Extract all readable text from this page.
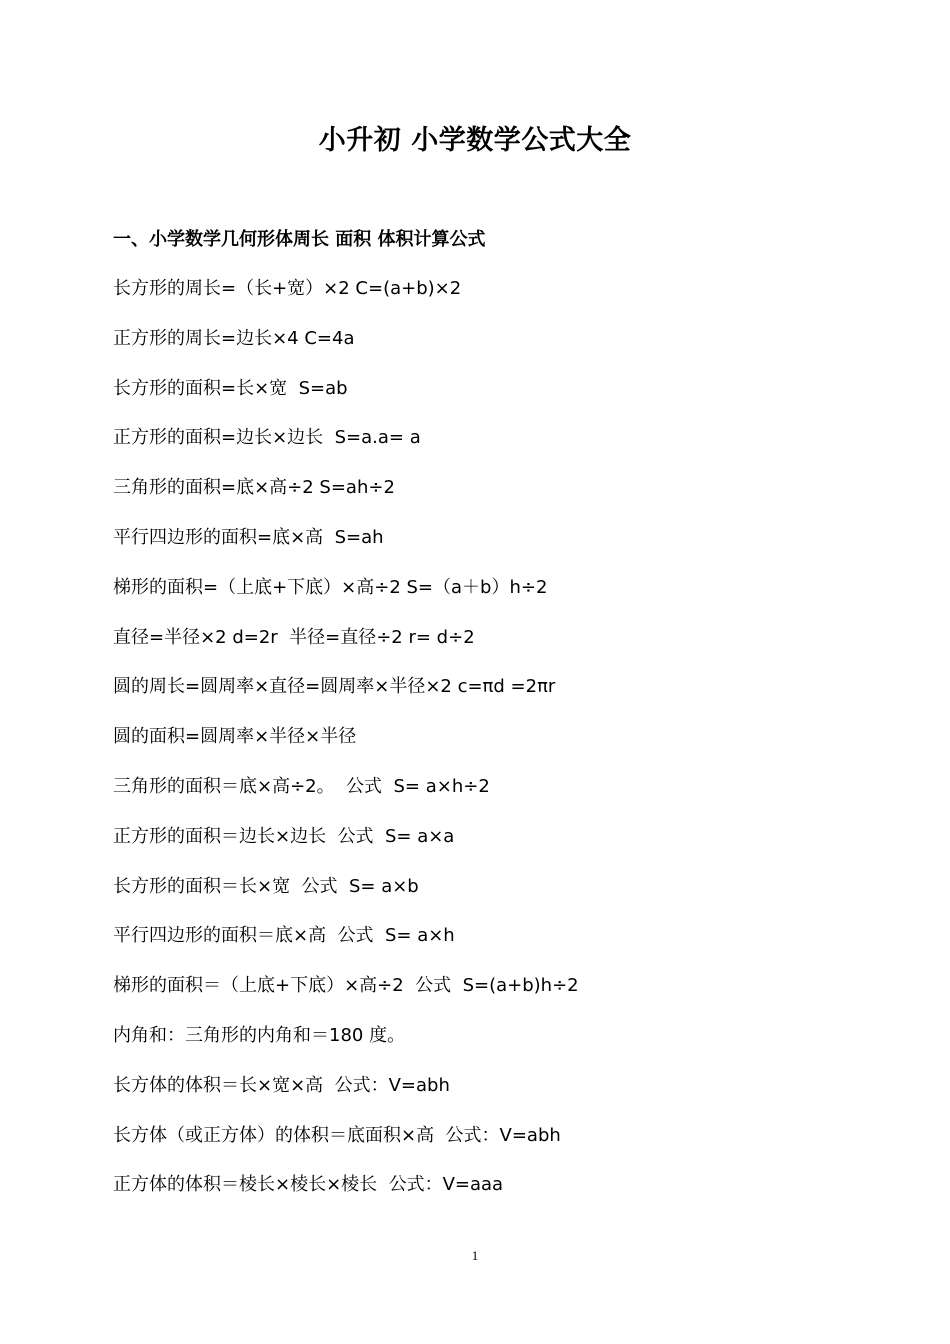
小升初 小学数学公式大全
一、小学数学几何形体周长 面积 体积计算公式
长方形的周长=（长+宽）×2 C=(a+b)×2
正方形的周长=边长×4 C=4a
长方形的面积=长×宽  S=ab
正方形的面积=边长×边长  S=a.a= a
三角形的面积=底×高÷2 S=ah÷2
平行四边形的面积=底×高  S=ah
梯形的面积=（上底+下底）×高÷2 S=（a＋b）h÷2
直径=半径×2 d=2r  半径=直径÷2 r= d÷2
圆的周长=圆周率×直径=圆周率×半径×2 c=πd =2πr
圆的面积=圆周率×半径×半径
三角形的面积＝底×高÷2。  公式  S= a×h÷2
正方形的面积＝边长×边长  公式  S= a×a
长方形的面积＝长×宽  公式  S= a×b
平行四边形的面积＝底×高  公式  S= a×h
梯形的面积＝（上底+下底）×高÷2  公式  S=(a+b)h÷2
内角和：三角形的内角和＝180 度。
长方体的体积＝长×宽×高  公式：V=abh
长方体（或正方体）的体积＝底面积×高  公式：V=abh
正方体的体积＝棱长×棱长×棱长  公式：V=aaa
1
